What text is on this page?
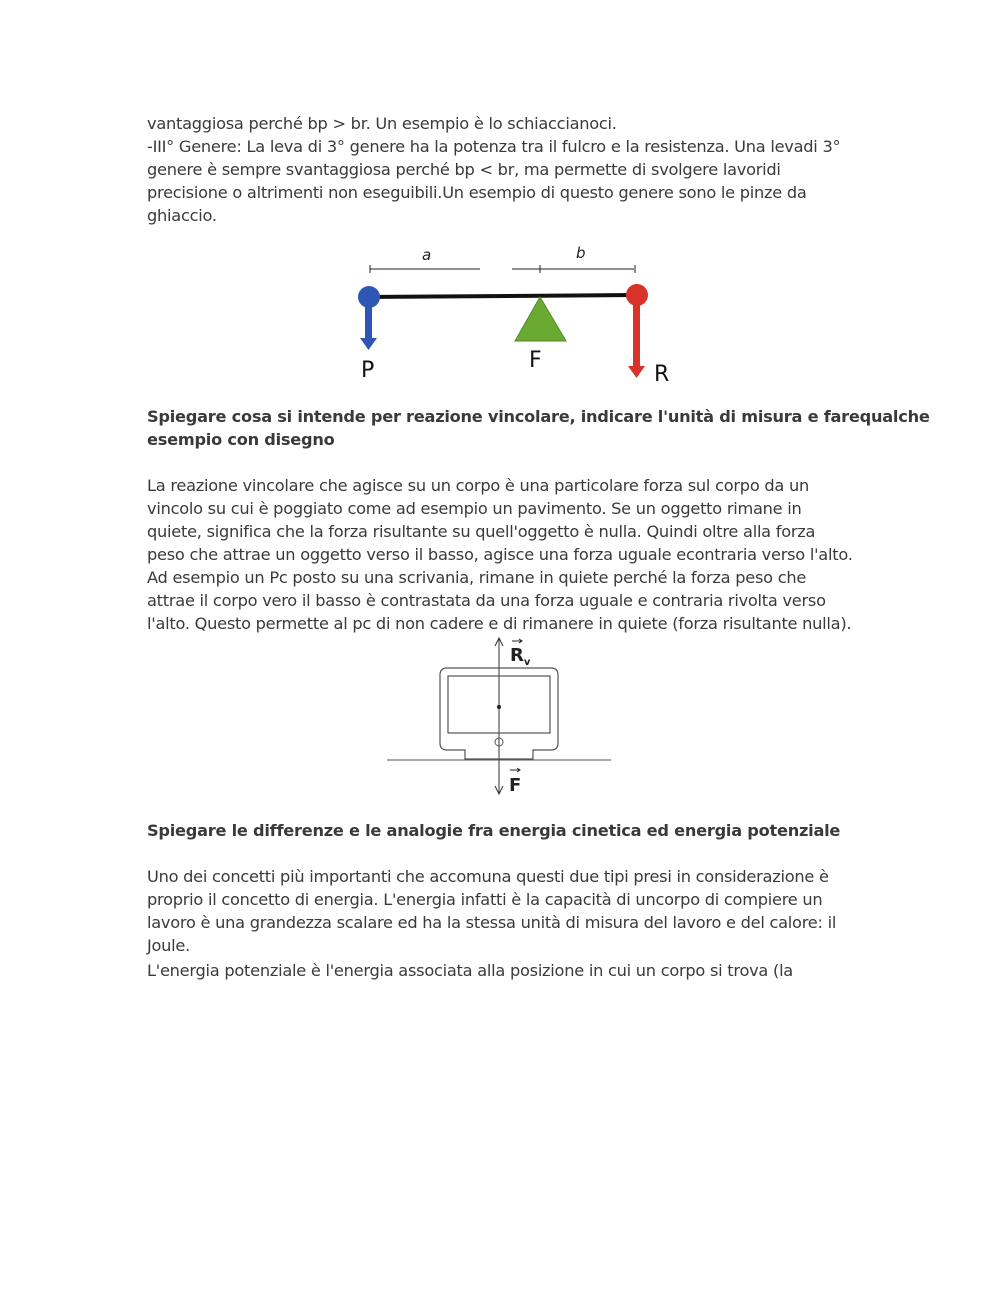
vantaggiosa perché bp > br. Un esempio è lo schiaccianoci.
-III° Genere: La leva di 3° genere ha la potenza tra il fulcro e la resistenza. Una levadi 3°
genere è sempre svantaggiosa perché bp < br, ma permette di svolgere lavoridi
precisione o altrimenti non eseguibili.Un esempio di questo genere sono le pinze da
ghiaccio.
a	b
P	F
R
Spiegare cosa si intende per reazione vincolare, indicare l'unità di misura e farequalche
esempio con disegno
La reazione vincolare che agisce su un corpo è una particolare forza sul corpo da un
vincolo su cui è poggiato come ad esempio un pavimento. Se un oggetto rimane in
quiete, significa che la forza risultante su quell'oggetto è nulla. Quindi oltre alla forza
peso che attrae un oggetto verso il basso, agisce una forza uguale econtraria verso l'alto.
Ad esempio un Pc posto su una scrivania, rimane in quiete perché la forza peso che
attrae il corpo vero il basso è contrastata da una forza uguale e contraria rivolta verso
l'alto. Questo permette al pc di non cadere e di rimanere in quiete (forza risultante nulla).
$R_v$
F
Spiegare le differenze e le analogie fra energia cinetica ed energia potenziale
Uno dei concetti più importanti che accomuna questi due tipi presi in considerazione è
proprio il concetto di energia. L'energia infatti è la capacità di uncorpo di compiere un
lavoro è una grandezza scalare ed ha la stessa unità di misura del lavoro e del calore: il
Joule.
L'energia potenziale è l'energia associata alla posizione in cui un corpo si trova (la
